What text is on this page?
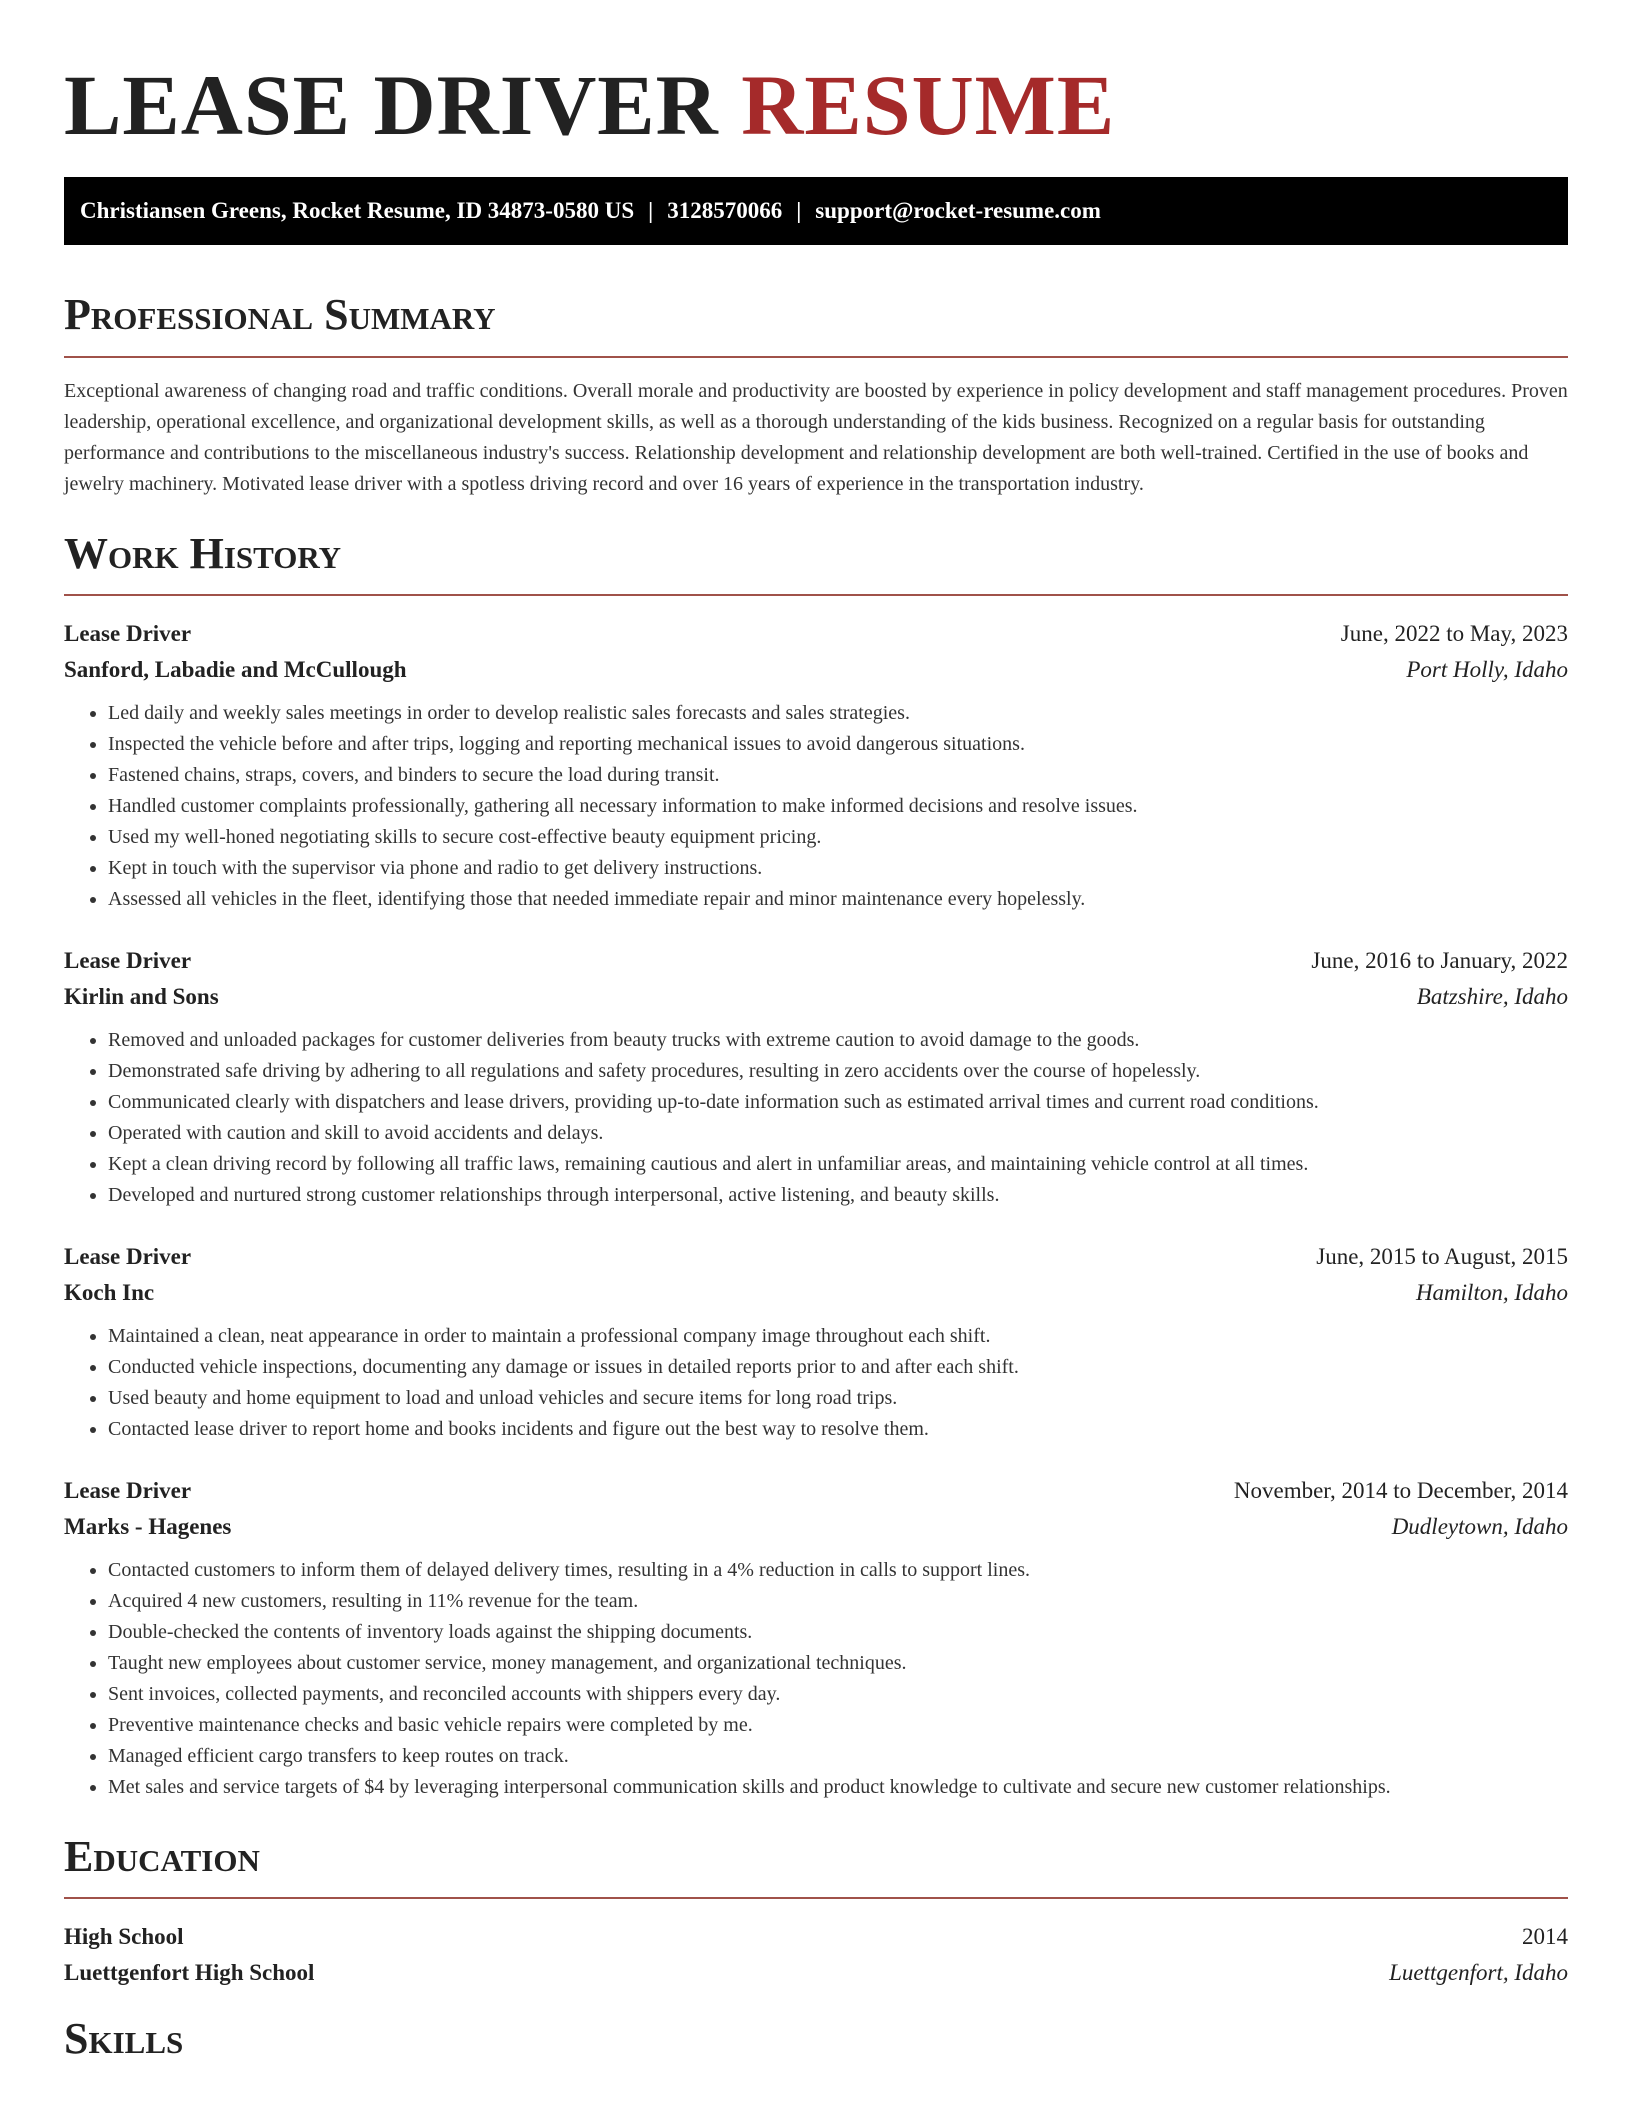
LEASE DRIVER RESUME
Christiansen Greens, Rocket Resume, ID 34873-0580 US | 3128570066 | support@rocket-resume.com
Professional Summary

Exceptional awareness of changing road and traffic conditions. Overall morale and productivity are boosted by experience in policy development and staff management procedures. Proven leadership, operational excellence, and organizational development skills, as well as a thorough understanding of the kids business. Recognized on a regular basis for outstanding performance and contributions to the miscellaneous industry's success. Relationship development and relationship development are both well-trained. Certified in the use of books and jewelry machinery. Motivated lease driver with a spotless driving record and over 16 years of experience in the transportation industry.

Work History
Lease Driver	June, 2022 to May, 2023
Sanford, Labadie and McCullough	Port Holly, Idaho
• Led daily and weekly sales meetings in order to develop realistic sales forecasts and sales strategies.
• Inspected the vehicle before and after trips, logging and reporting mechanical issues to avoid dangerous situations.
• Fastened chains, straps, covers, and binders to secure the load during transit.
• Handled customer complaints professionally, gathering all necessary information to make informed decisions and resolve issues.
• Used my well-honed negotiating skills to secure cost-effective beauty equipment pricing.
• Kept in touch with the supervisor via phone and radio to get delivery instructions.
• Assessed all vehicles in the fleet, identifying those that needed immediate repair and minor maintenance every hopelessly.
Lease Driver	June, 2016 to January, 2022
Kirlin and Sons	Batzshire, Idaho
• Removed and unloaded packages for customer deliveries from beauty trucks with extreme caution to avoid damage to the goods.
• Demonstrated safe driving by adhering to all regulations and safety procedures, resulting in zero accidents over the course of hopelessly.
• Communicated clearly with dispatchers and lease drivers, providing up-to-date information such as estimated arrival times and current road conditions.
• Operated with caution and skill to avoid accidents and delays.
• Kept a clean driving record by following all traffic laws, remaining cautious and alert in unfamiliar areas, and maintaining vehicle control at all times.
• Developed and nurtured strong customer relationships through interpersonal, active listening, and beauty skills.
Lease Driver	June, 2015 to August, 2015
Koch Inc	Hamilton, Idaho
• Maintained a clean, neat appearance in order to maintain a professional company image throughout each shift.
• Conducted vehicle inspections, documenting any damage or issues in detailed reports prior to and after each shift.
• Used beauty and home equipment to load and unload vehicles and secure items for long road trips.
• Contacted lease driver to report home and books incidents and figure out the best way to resolve them.
Lease Driver	November, 2014 to December, 2014
Marks - Hagenes	Dudleytown, Idaho
• Contacted customers to inform them of delayed delivery times, resulting in a 4% reduction in calls to support lines.
• Acquired 4 new customers, resulting in 11% revenue for the team.
• Double-checked the contents of inventory loads against the shipping documents.
• Taught new employees about customer service, money management, and organizational techniques.
• Sent invoices, collected payments, and reconciled accounts with shippers every day.
• Preventive maintenance checks and basic vehicle repairs were completed by me.
• Managed efficient cargo transfers to keep routes on track.
• Met sales and service targets of $4 by leveraging interpersonal communication skills and product knowledge to cultivate and secure new customer relationships.
Education
High School	2014
Luettgenfort High School	Luettgenfort, Idaho
Skills
